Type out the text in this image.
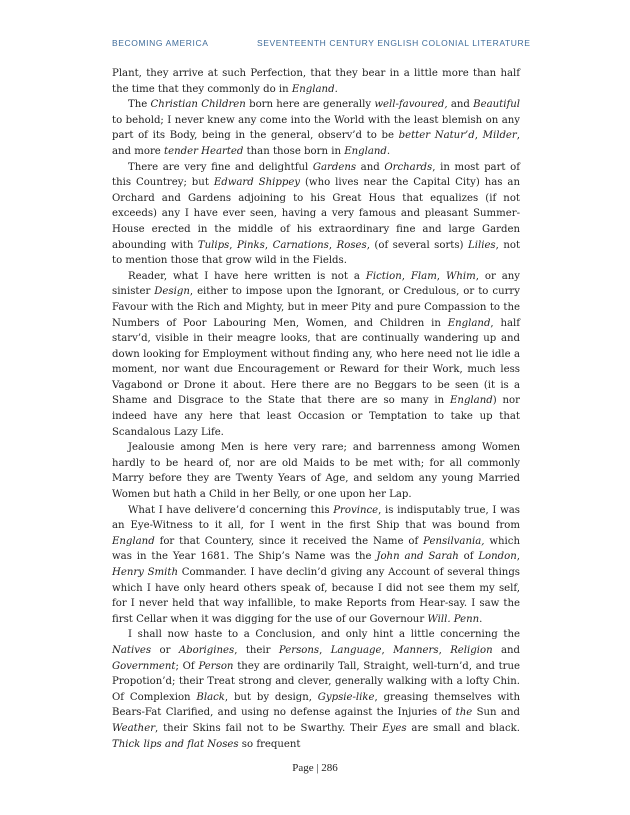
BECOMING AMERICA	SEVENTEENTH CENTURY ENGLISH COLONIAL LITERATURE

Plant, they arrive at such Perfection, that they bear in a little more than half the time that they commonly do in England.

The Christian Children born here are generally well-favoured, and Beautiful to behold; I never knew any come into the World with the least blemish on any part of its Body, being in the general, observ’d to be better Natur’d, Milder, and more tender Hearted than those born in England.

There are very fine and delightful Gardens and Orchards, in most part of this Countrey; but Edward Shippey (who lives near the Capital City) has an Orchard and Gardens adjoining to his Great Hous that equalizes (if not exceeds) any I have ever seen, having a very famous and pleasant Summer-House erected in the middle of his extraordinary fine and large Garden abounding with Tulips, Pinks, Carnations, Roses, (of several sorts) Lilies, not to mention those that grow wild in the Fields.

Reader, what I have here written is not a Fiction, Flam, Whim, or any sinister Design, either to impose upon the Ignorant, or Credulous, or to curry Favour with the Rich and Mighty, but in meer Pity and pure Compassion to the Numbers of Poor Labouring Men, Women, and Children in England, half starv’d, visible in their meagre looks, that are continually wandering up and down looking for Employment without finding any, who here need not lie idle a moment, nor want due Encouragement or Reward for their Work, much less Vagabond or Drone it about. Here there are no Beggars to be seen (it is a Shame and Disgrace to the State that there are so many in England) nor indeed have any here that least Occasion or Temptation to take up that Scandalous Lazy Life.

Jealousie among Men is here very rare; and barrenness among Women hardly to be heard of, nor are old Maids to be met with; for all commonly Marry before they are Twenty Years of Age, and seldom any young Married Women but hath a Child in her Belly, or one upon her Lap.

What I have delivere’d concerning this Province, is indisputably true, I was an Eye-Witness to it all, for I went in the first Ship that was bound from England for that Countery, since it received the Name of Pensilvania, which was in the Year 1681. The Ship’s Name was the John and Sarah of London, Henry Smith Commander. I have declin’d giving any Account of several things which I have only heard others speak of, because I did not see them my self, for I never held that way infallible, to make Reports from Hear-say. I saw the first Cellar when it was digging for the use of our Governour Will. Penn.

I shall now haste to a Conclusion, and only hint a little concerning the Natives or Aborigines, their Persons, Language, Manners, Religion and Government; Of Person they are ordinarily Tall, Straight, well-turn’d, and true Propotion’d; their Treat strong and clever, generally walking with a lofty Chin. Of Complexion Black, but by design, Gypsie-like, greasing themselves with Bears-Fat Clarified, and using no defense against the Injuries of the Sun and Weather, their Skins fail not to be Swarthy. Their Eyes are small and black. Thick lips and flat Noses so frequent

Page | 286
